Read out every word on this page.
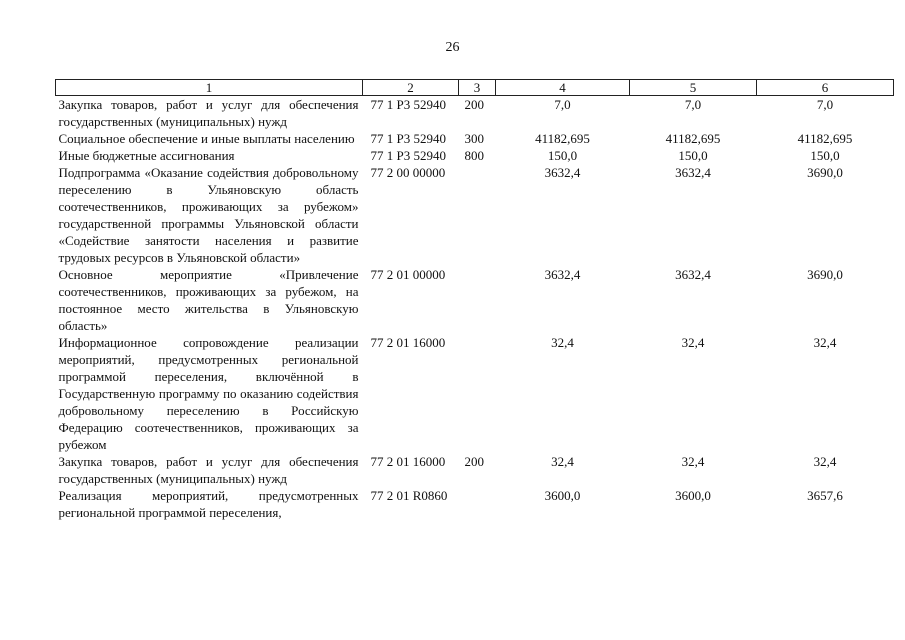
26
1	2	3	4	5	6
Закупка товаров, работ и услуг для обеспечения государственных (муниципальных) нужд	77 1 Р3 52940	200	7,0	7,0	7,0
Социальное обеспечение и иные выплаты населению	77 1 Р3 52940	300	41182,695	41182,695	41182,695
Иные бюджетные ассигнования	77 1 Р3 52940	800	150,0	150,0	150,0
Подпрограмма «Оказание содействия добровольному переселению в Ульяновскую область соотечественников, проживающих за рубежом» государственной программы Ульяновской области «Содействие занятости населения и развитие трудовых ресурсов в Ульяновской области»	77 2 00 00000		3632,4	3632,4	3690,0
Основное мероприятие «Привлечение соотечественников, проживающих за рубежом, на постоянное место жительства в Ульяновскую область»	77 2 01 00000		3632,4	3632,4	3690,0
Информационное сопровождение реализации мероприятий, предусмотренных региональной программой переселения, включённой в Государственную программу по оказанию содействия добровольному переселению в Российскую Федерацию соотечественников, проживающих за рубежом	77 2 01 16000		32,4	32,4	32,4
Закупка товаров, работ и услуг для обеспечения государственных (муниципальных) нужд	77 2 01 16000	200	32,4	32,4	32,4
Реализация мероприятий, предусмотренных региональной программой переселения,	77 2 01 R0860		3600,0	3600,0	3657,6
